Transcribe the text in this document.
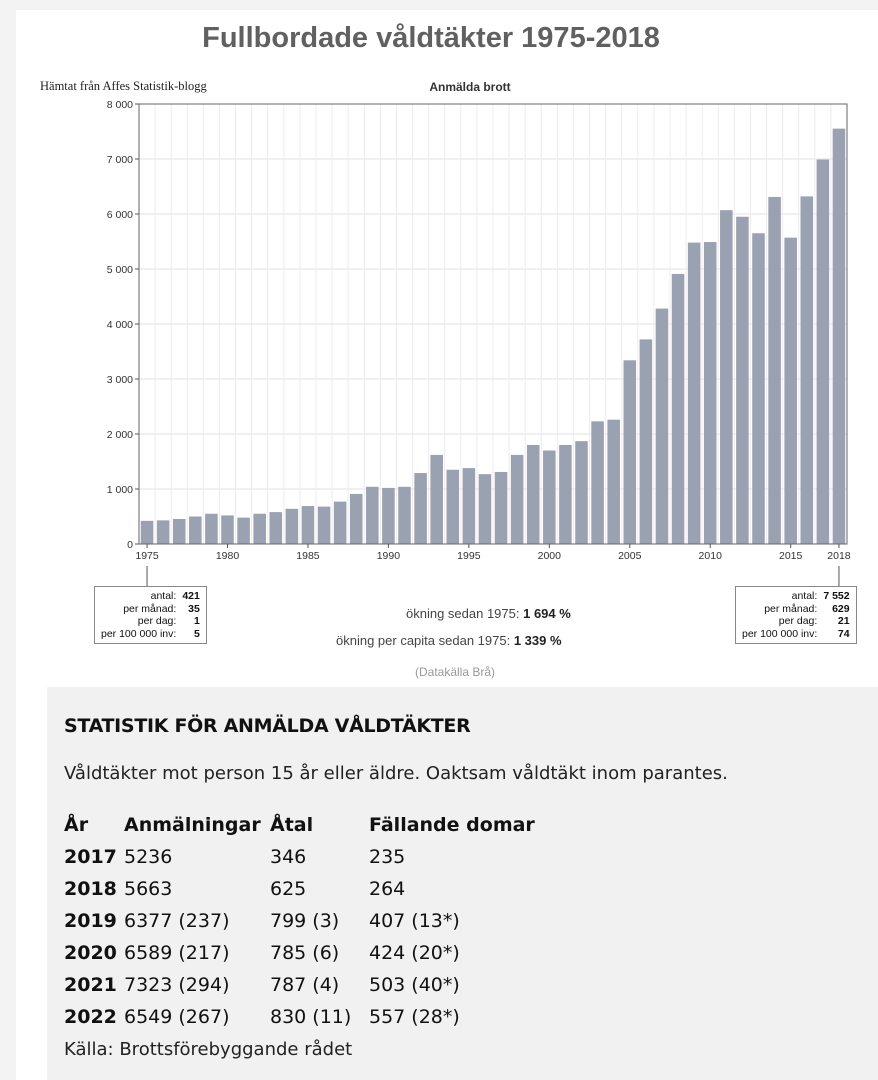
0
1 000
2 000
3 000
4 000
5 000
6 000
7 000
8 000
1975	1980	1985	1990	1995	2000	2005	2010	2015 2018
Anmälda brott
Fullbordade våldtäkter 1975-2018
Hämtat från Affes Statistik-blogg
antal:	421
per månad:	35
per dag:	1
per 100 000 inv:	5
antal:	7 552
per månad:	629
per dag:	21
per 100 000 inv:	74
ökning sedan 1975: 1 694 %
ökning per capita sedan 1975: 1 339 %
(Datakälla Brå)
STATISTIK FÖR ANMÄLDA VÅLDTÄKTER
Våldtäkter mot person 15 år eller äldre. Oaktsam våldtäkt inom parantes.
År	Anmälningar	Åtal	Fällande domar
2017	5236	346	235
2018	5663	625	264
2019	6377 (237)	799 (3)	407 (13*)
2020	6589 (217)	785 (6)	424 (20*)
2021	7323 (294)	787 (4)	503 (40*)
2022	6549 (267)	830 (11)	557 (28*)
Källa: Brottsförebyggande rådet
